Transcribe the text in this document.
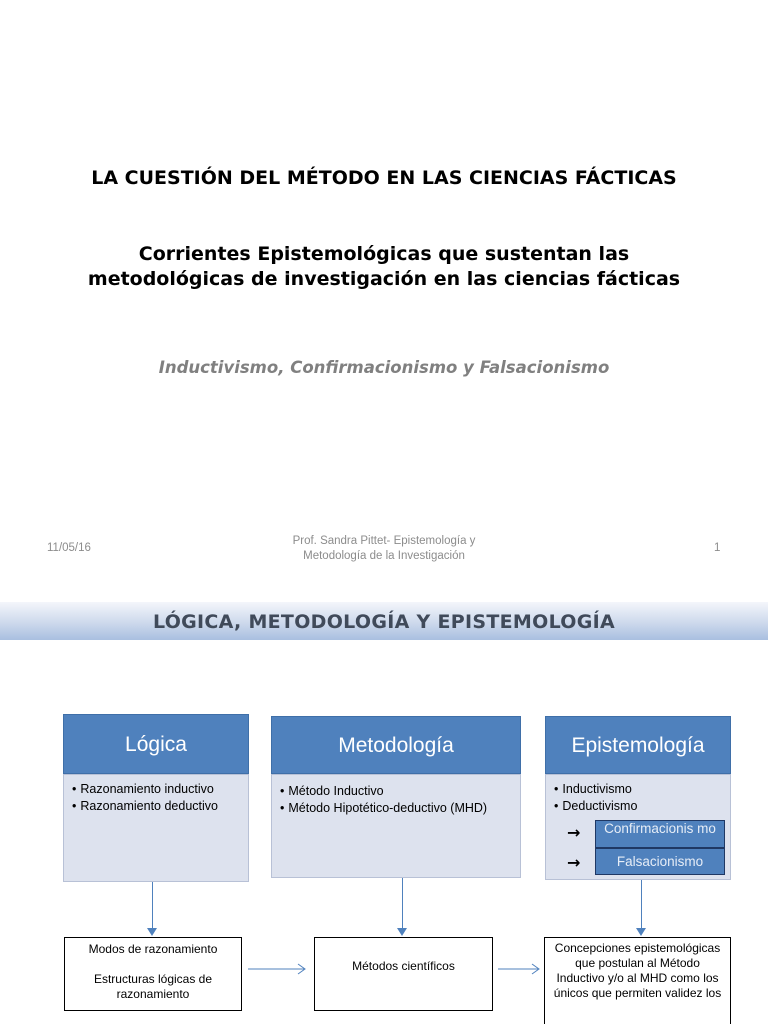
LA CUESTIÓN DEL MÉTODO EN LAS CIENCIAS FÁCTICAS
Corrientes Epistemológicas que sustentan las metodológicas de investigación en las ciencias fácticas
Inductivismo, Confirmacionismo y Falsacionismo
11/05/16
Prof. Sandra Pittet- Epistemología y
Metodología de la Investigación
1
LÓGICA, METODOLOGÍA Y EPISTEMOLOGÍA
Lógica
• Razonamiento inductivo
• Razonamiento deductivo
Metodología
• Método Inductivo
• Método Hipotético-deductivo (MHD)
Epistemología
• Inductivismo
• Deductivismo
→	Confirmacionis mo
→	Falsacionismo
Modos de razonamiento
Estructuras lógicas de razonamiento
Métodos científicos
Concepciones epistemológicas que postulan al Método Inductivo y/o al MHD como los únicos que permiten validez los
